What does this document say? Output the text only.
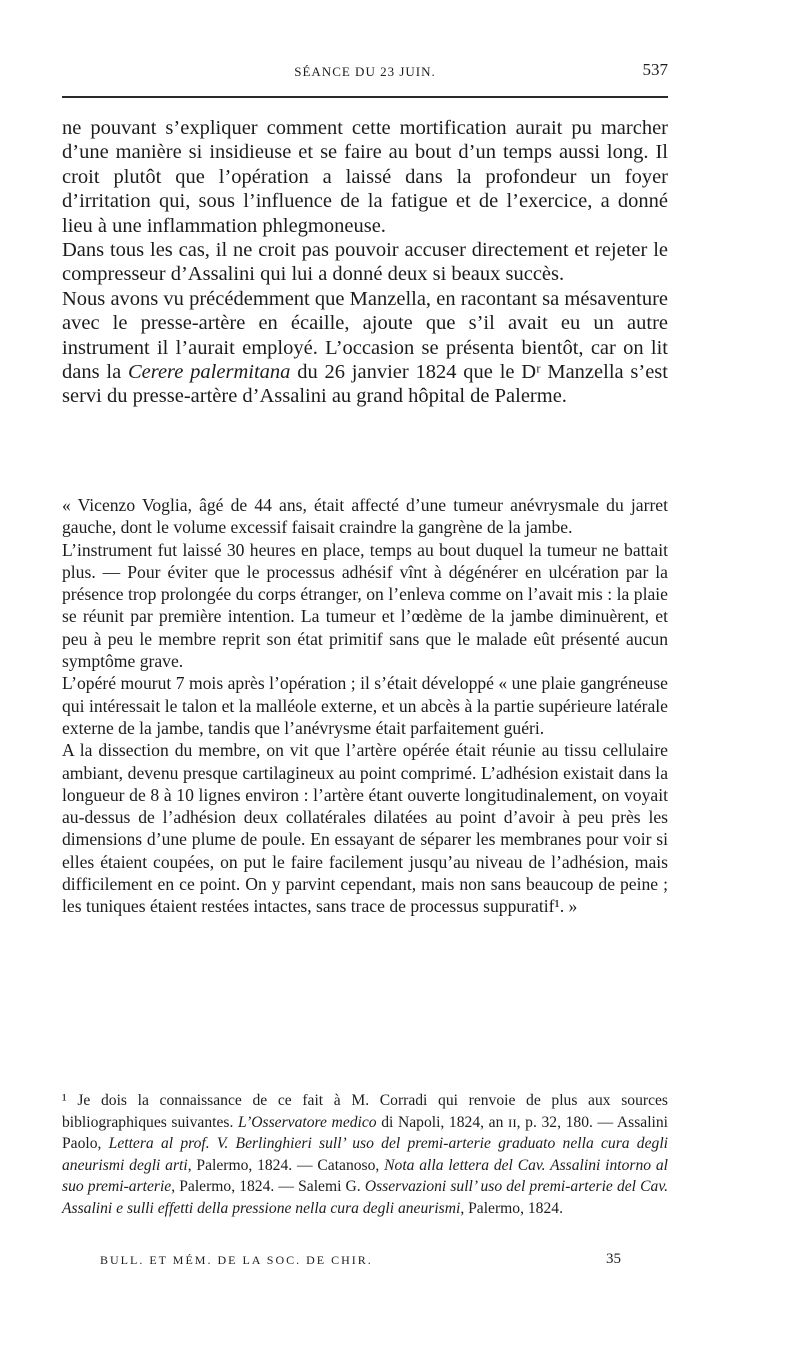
SÉANCE DU 23 JUIN.	537

ne pouvant s’expliquer comment cette mortification aurait pu marcher d’une manière si insidieuse et se faire au bout d’un temps aussi long. Il croit plutôt que l’opération a laissé dans la profondeur un foyer d’irritation qui, sous l’influence de la fatigue et de l’exercice, a donné lieu à une inflammation phlegmoneuse.

Dans tous les cas, il ne croit pas pouvoir accuser directement et rejeter le compresseur d’Assalini qui lui a donné deux si beaux succès.

Nous avons vu précédemment que Manzella, en racontant sa mésaventure avec le presse-artère en écaille, ajoute que s’il avait eu un autre instrument il l’aurait employé. L’occasion se présenta bientôt, car on lit dans la Cerere palermitana du 26 janvier 1824 que le Dʳ Manzella s’est servi du presse-artère d’Assalini au grand hôpital de Palerme.

« Vicenzo Voglia, âgé de 44 ans, était affecté d’une tumeur anévrysmale du jarret gauche, dont le volume excessif faisait craindre la gangrène de la jambe.

L’instrument fut laissé 30 heures en place, temps au bout duquel la tumeur ne battait plus. — Pour éviter que le processus adhésif vînt à dégénérer en ulcération par la présence trop prolongée du corps étranger, on l’enleva comme on l’avait mis : la plaie se réunit par première intention. La tumeur et l’œdème de la jambe diminuèrent, et peu à peu le membre reprit son état primitif sans que le malade eût présenté aucun symptôme grave.

L’opéré mourut 7 mois après l’opération ; il s’était développé « une plaie gangréneuse qui intéressait le talon et la malléole externe, et un abcès à la partie supérieure latérale externe de la jambe, tandis que l’anévrysme était parfaitement guéri.

A la dissection du membre, on vit que l’artère opérée était réunie au tissu cellulaire ambiant, devenu presque cartilagineux au point comprimé. L’adhésion existait dans la longueur de 8 à 10 lignes environ : l’artère étant ouverte longitudinalement, on voyait au-dessus de l’adhésion deux collatérales dilatées au point d’avoir à peu près les dimensions d’une plume de poule. En essayant de séparer les membranes pour voir si elles étaient coupées, on put le faire facilement jusqu’au niveau de l’adhésion, mais difficilement en ce point. On y parvint cependant, mais non sans beaucoup de peine ; les tuniques étaient restées intactes, sans trace de processus suppuratif¹. »

¹ Je dois la connaissance de ce fait à M. Corradi qui renvoie de plus aux sources bibliographiques suivantes. L’Osservatore medico di Napoli, 1824, an ɪɪ, p. 32, 180. — Assalini Paolo, Lettera al prof. V. Berlinghieri sull’ uso del premi-arterie graduato nella cura degli aneurismi degli arti, Palermo, 1824. — Catanoso, Nota alla lettera del Cav. Assalini intorno al suo premi-arterie, Palermo, 1824. — Salemi G. Osservazioni sull’ uso del premi-arterie del Cav. Assalini e sulli effetti della pressione nella cura degli aneurismi, Palermo, 1824.

BULL. ET MÉM. DE LA SOC. DE CHIR.	35
